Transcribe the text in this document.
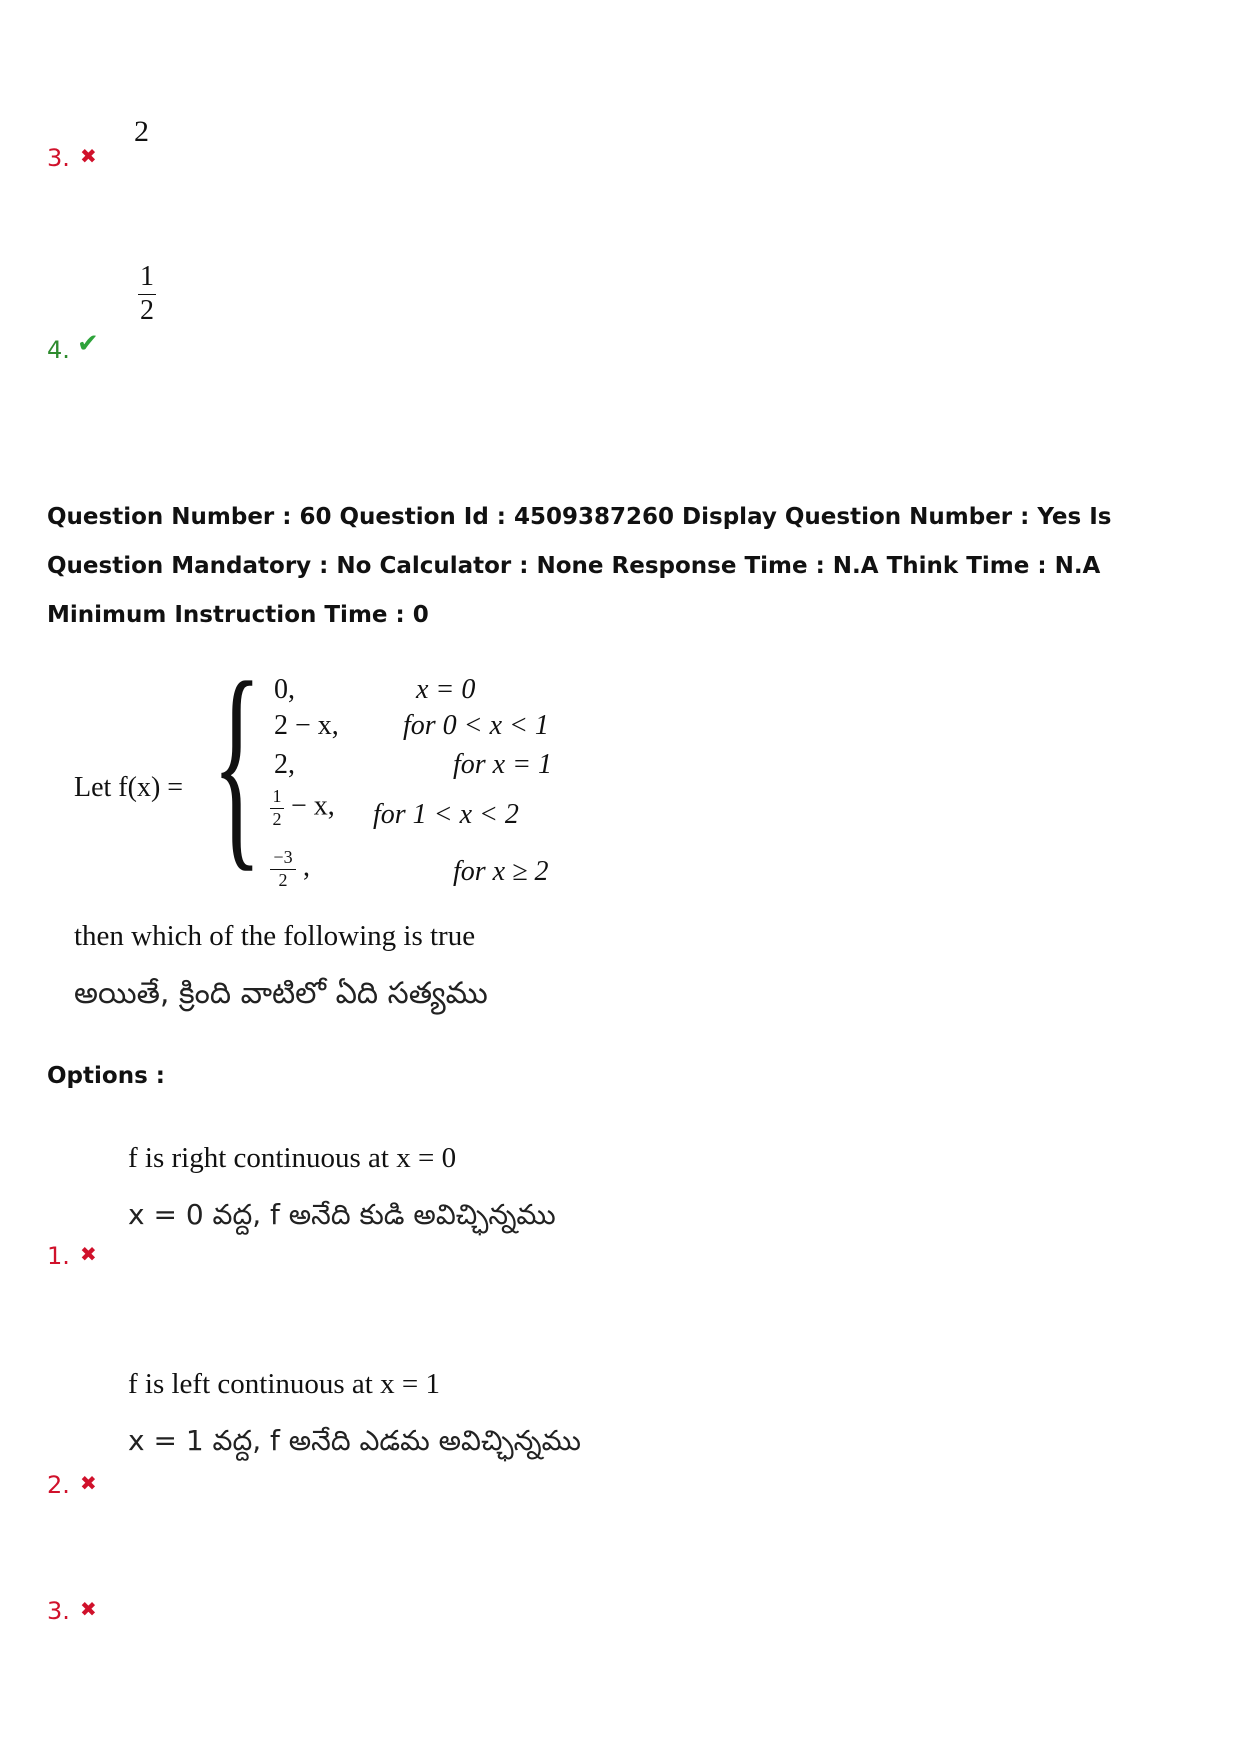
2
3. ✖
$\frac{1}{2}$
4. ✔
Question Number : 60 Question Id : 4509387260 Display Question Number : Yes Is Question Mandatory : No Calculator : None Response Time : N.A Think Time : N.A Minimum Instruction Time : 0
Let f(x) = { 0,	x = 0
2 − x, for 0 < x < 1
2,	for x = 1
$\frac{1}{2} - x$, for 1 < x < 2
$\frac{-3}{2}$ ,	for x ≥ 2
then which of the following is true
అయితే, క్రింది వాటిలో ఏది సత్యము
Options :
f is right continuous at x = 0
x = 0 వద్ద, f అనేది కుడి అవిచ్ఛిన్నము
1. ✖
f is left continuous at x = 1
x = 1 వద్ద, f అనేది ఎడమ అవిచ్ఛిన్నము
2. ✖
3. ✖
